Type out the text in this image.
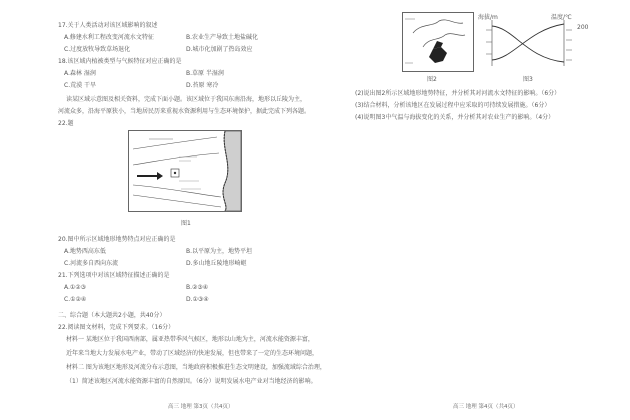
17.关于人类活动对该区域影响的叙述
A.修建水利工程改变河流水文特征	B.农业生产导致土地盐碱化
C.过度放牧导致草场退化	D.城市化加剧了热岛效应
18.该区域内植被类型与气候特征对应正确的是
A.森林 湿润	B.草原 半湿润
C.荒漠 干旱	D.苔原 寒冷
读某区域示意图及相关资料，完成下面小题。该区域位于我国东南沿海，地形以丘陵为主，
河流众多，沿海平原狭小，当地居民历来重视水资源利用与生态环境保护，据此完成下列各题。
22.题
图1
20.图中所示区域地形地势特点对应正确的是
A.地势西高东低	B.以平原为主，地势平坦
C.河流多自西向东流	D.多山地丘陵地形崎岖
21.下列选项中对该区域特征描述正确的是
A.①②③	B.②③④
C.①②④	D.①③④
二、综合题（本大题共2小题，共40分）
22.阅读图文材料，完成下列要求。（16分）
材料一 某地区位于我国西南部，属亚热带季风气候区，地形以山地为主，河流水能资源丰富，
近年来当地大力发展水电产业，带动了区域经济的快速发展，但也带来了一定的生态环境问题，
材料二 图为该地区地形及河流分布示意图，当地政府积极推进生态文明建设，加强流域综合治理，
（1）简述该地区河流水能资源丰富的自然原因。（6分）说明发展水电产业对当地经济的影响。
高三 地理 第3页（共4页）
图2
海拔/m	温度/℃
200
图3
(2)说出图2所示区域地形地势特征，并分析其对河流水文特征的影响。（6分）
(3)结合材料，分析该地区在发展过程中应采取的可持续发展措施。（6分）
(4)说明图3中气温与海拔变化的关系，并分析其对农业生产的影响。（4分）
高三 地理 第4页（共4页）
